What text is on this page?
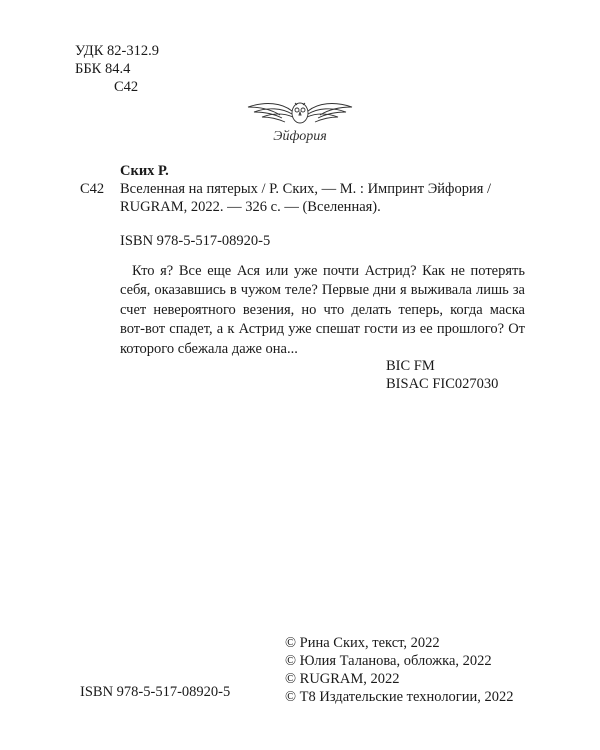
УДК 82-312.9
ББК 84.4
С42
Эйфория
Ских Р.
С42 Вселенная на пятерых / Р. Ских, — М. : Импринт Эйфория /
RUGRAM, 2022. — 326 с. — (Вселенная).
ISBN 978-5-517-08920-5
Кто я? Все еще Ася или уже почти Астрид? Как не потерять себя, оказавшись в чужом теле? Первые дни я выживала лишь за счет невероятного везения, но что делать теперь, когда маска вот-вот спадет, а к Астрид уже спешат гости из ее прошлого? От которого сбежала даже она...
BIC FM
BISAC FIC027030
© Рина Ских, текст, 2022
© Юлия Таланова, обложка, 2022
© RUGRAM, 2022
© Т8 Издательские технологии, 2022
ISBN 978-5-517-08920-5
